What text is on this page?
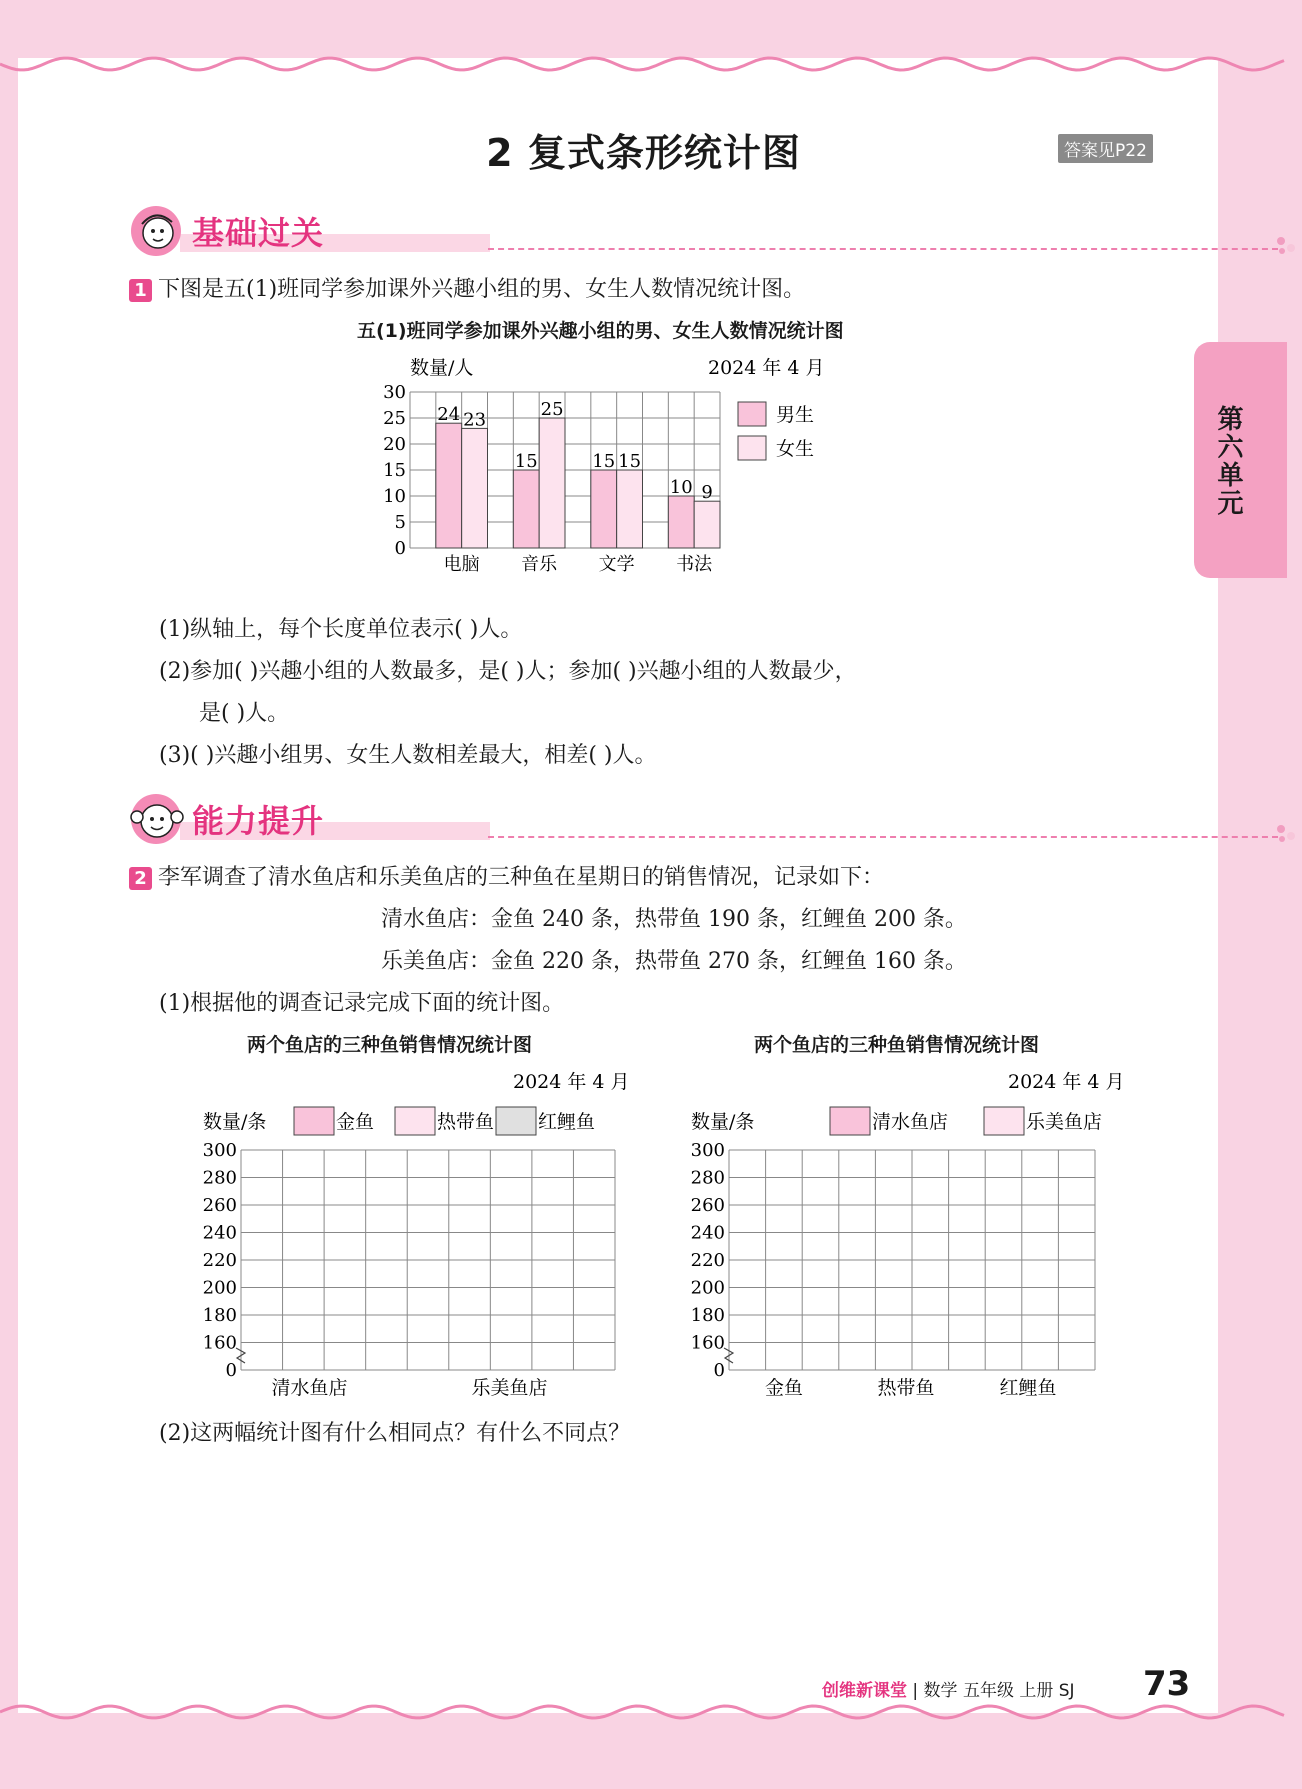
2 复式条形统计图	答案见P22
第六单元
基础过关
1 下图是五(1)班同学参加课外兴趣小组的男、女生人数情况统计图。
五(1)班同学参加课外兴趣小组的男、女生人数情况统计图
数量/人	2024 年 4 月
0
5
10
15
20
25
30
24 23
15
25
15 15
10 9
电脑 音乐 文学 书法
男生
女生
(1)纵轴上，每个长度单位表示( )人。
(2)参加( )兴趣小组的人数最多，是( )人；参加( )兴趣小组的人数最少，
是( )人。
(3)( )兴趣小组男、女生人数相差最大，相差( )人。
能力提升
2 李军调查了清水鱼店和乐美鱼店的三种鱼在星期日的销售情况，记录如下：
清水鱼店：金鱼 240 条，热带鱼 190 条，红鲤鱼 200 条。
乐美鱼店：金鱼 220 条，热带鱼 270 条，红鲤鱼 160 条。
(1)根据他的调查记录完成下面的统计图。
两个鱼店的三种鱼销售情况统计图	两个鱼店的三种鱼销售情况统计图
2024 年 4 月
数量/条	金鱼	热带鱼 红鲤鱼
0
160
180
200
220
240
260
280
300
清水鱼店	乐美鱼店
2024 年 4 月
数量/条	清水鱼店	乐美鱼店
0
160
180
200
220
240
260
280
300
金鱼	热带鱼	红鲤鱼
(2)这两幅统计图有什么相同点？有什么不同点？
创维新课堂 | 数学 五年级 上册 SJ 73
